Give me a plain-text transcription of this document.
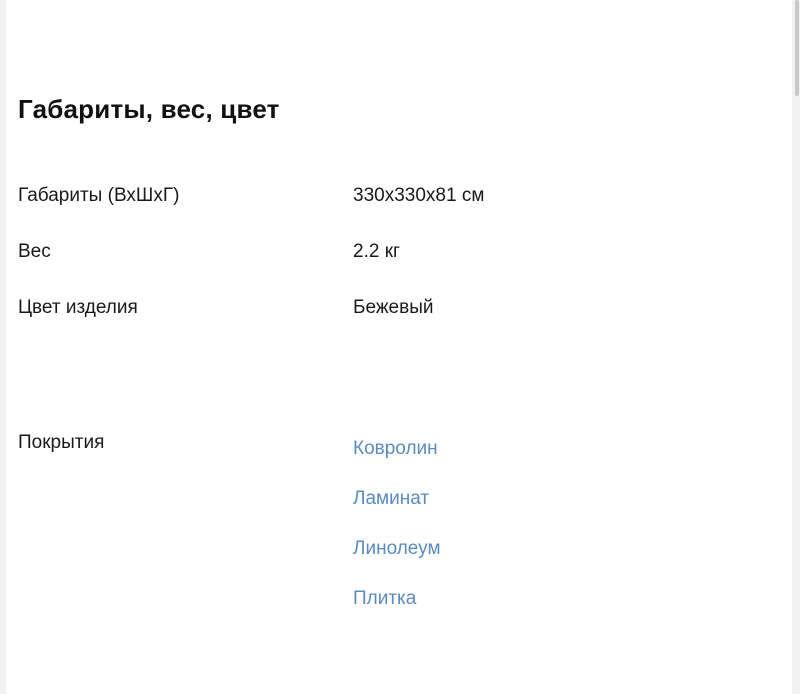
Габариты, вес, цвет
Габариты (ВхШхГ)	330x330x81 см
Вес	2.2 кг
Цвет изделия	Бежевый
Покрытия	Ковролин
Ламинат
Линолеум
Плитка
